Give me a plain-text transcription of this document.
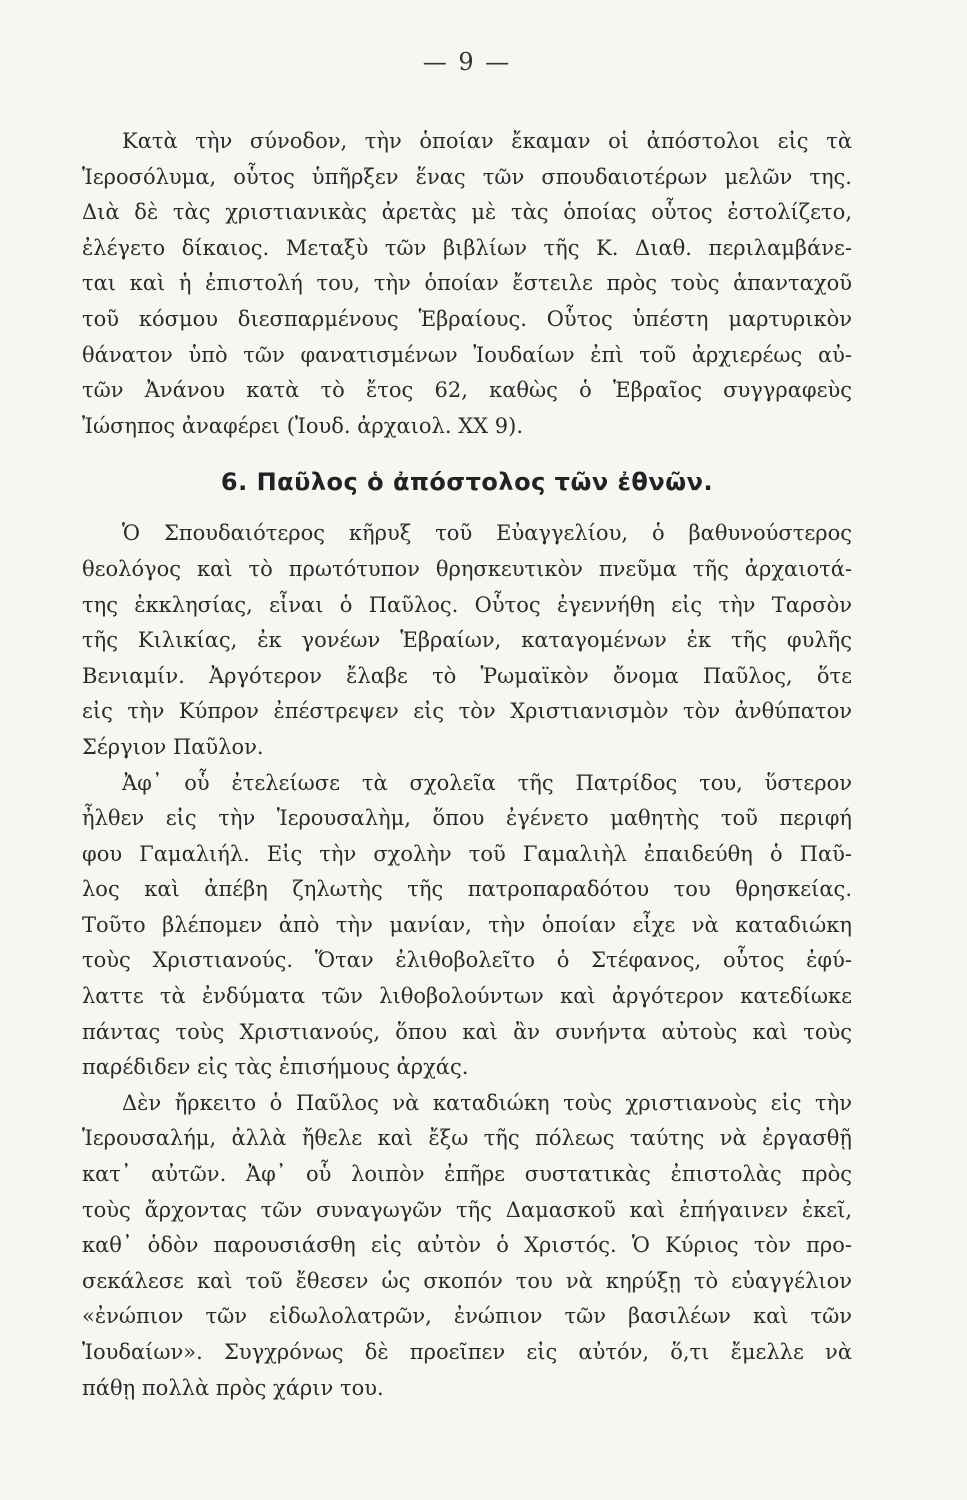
— 9 —

Κατὰ τὴν σύνοδον, τὴν ὁποίαν ἔκαμαν οἱ ἀπόστολοι εἰς τὰ
Ἱεροσόλυμα, οὗτος ὑπῆρξεν ἕνας τῶν σπουδαιοτέρων μελῶν της.
Διὰ δὲ τὰς χριστιανικὰς ἀρετὰς μὲ τὰς ὁποίας οὗτος ἐστολίζετο,
ἐλέγετο δίκαιος. Μεταξὺ τῶν βιβλίων τῆς Κ. Διαθ. περιλαμβάνε-
ται καὶ ἡ ἐπιστολή του, τὴν ὁποίαν ἔστειλε πρὸς τοὺς ἁπανταχοῦ
τοῦ κόσμου διεσπαρμένους Ἑβραίους. Οὗτος ὑπέστη μαρτυρικὸν
θάνατον ὑπὸ τῶν φανατισμένων Ἰουδαίων ἐπὶ τοῦ ἀρχιερέως αὐ-
τῶν Ἀνάνου κατὰ τὸ ἔτος 62, καθὼς ὁ Ἑβραῖος συγγραφεὺς
Ἰώσηπος ἀναφέρει (Ἰουδ. ἀρχαιολ. XX 9).

6. Παῦλος ὁ ἀπόστολος τῶν ἐθνῶν.

Ὁ Σπουδαιότερος κῆρυξ τοῦ Εὐαγγελίου, ὁ βαθυνούστερος
θεολόγος καὶ τὸ πρωτότυπον θρησκευτικὸν πνεῦμα τῆς ἀρχαιοτά-
της ἐκκλησίας, εἶναι ὁ Παῦλος. Οὗτος ἐγεννήθη εἰς τὴν Ταρσὸν
τῆς Κιλικίας, ἐκ γονέων Ἑβραίων, καταγομένων ἐκ τῆς φυλῆς
Βενιαμίν. Ἀργότερον ἔλαβε τὸ Ῥωμαϊκὸν ὄνομα Παῦλος, ὅτε
εἰς τὴν Κύπρον ἐπέστρεψεν εἰς τὸν Χριστιανισμὸν τὸν ἀνθύπατον
Σέργιον Παῦλον.

Ἀφ᾽ οὗ ἐτελείωσε τὰ σχολεῖα τῆς Πατρίδος του, ὕστερον
ἦλθεν εἰς τὴν Ἱερουσαλὴμ, ὅπου ἐγένετο μαθητὴς τοῦ περιφή
φου Γαμαλιήλ. Εἰς τὴν σχολὴν τοῦ Γαμαλιὴλ ἐπαιδεύθη ὁ Παῦ-
λος καὶ ἀπέβη ζηλωτὴς τῆς πατροπαραδότου του θρησκείας.
Τοῦτο βλέπομεν ἀπὸ τὴν μανίαν, τὴν ὁποίαν εἶχε νὰ καταδιώκη
τοὺς Χριστιανούς. Ὅταν ἐλιθοβολεῖτο ὁ Στέφανος, οὗτος ἐφύ-
λαττε τὰ ἐνδύματα τῶν λιθοβολούντων καὶ ἀργότερον κατεδίωκε
πάντας τοὺς Χριστιανούς, ὅπου καὶ ἂν συνήντα αὐτοὺς καὶ τοὺς
παρέδιδεν εἰς τὰς ἐπισήμους ἀρχάς.

Δὲν ἤρκειτο ὁ Παῦλος νὰ καταδιώκη τοὺς χριστιανοὺς εἰς τὴν
Ἱερουσαλήμ, ἀλλὰ ἤθελε καὶ ἔξω τῆς πόλεως ταύτης νὰ ἐργασθῇ
κατ᾽ αὐτῶν. Ἀφ᾽ οὗ λοιπὸν ἐπῆρε συστατικὰς ἐπιστολὰς πρὸς
τοὺς ἄρχοντας τῶν συναγωγῶν τῆς Δαμασκοῦ καὶ ἐπήγαινεν ἐκεῖ,
καθ᾽ ὁδὸν παρουσιάσθη εἰς αὐτὸν ὁ Χριστός. Ὁ Κύριος τὸν προ-
σεκάλεσε καὶ τοῦ ἔθεσεν ὡς σκοπόν του νὰ κηρύξῃ τὸ εὐαγγέλιον
«ἐνώπιον τῶν εἰδωλολατρῶν, ἐνώπιον τῶν βασιλέων καὶ τῶν
Ἰουδαίων». Συγχρόνως δὲ προεῖπεν εἰς αὐτόν, ὅ,τι ἔμελλε νὰ
πάθῃ πολλὰ πρὸς χάριν του.
